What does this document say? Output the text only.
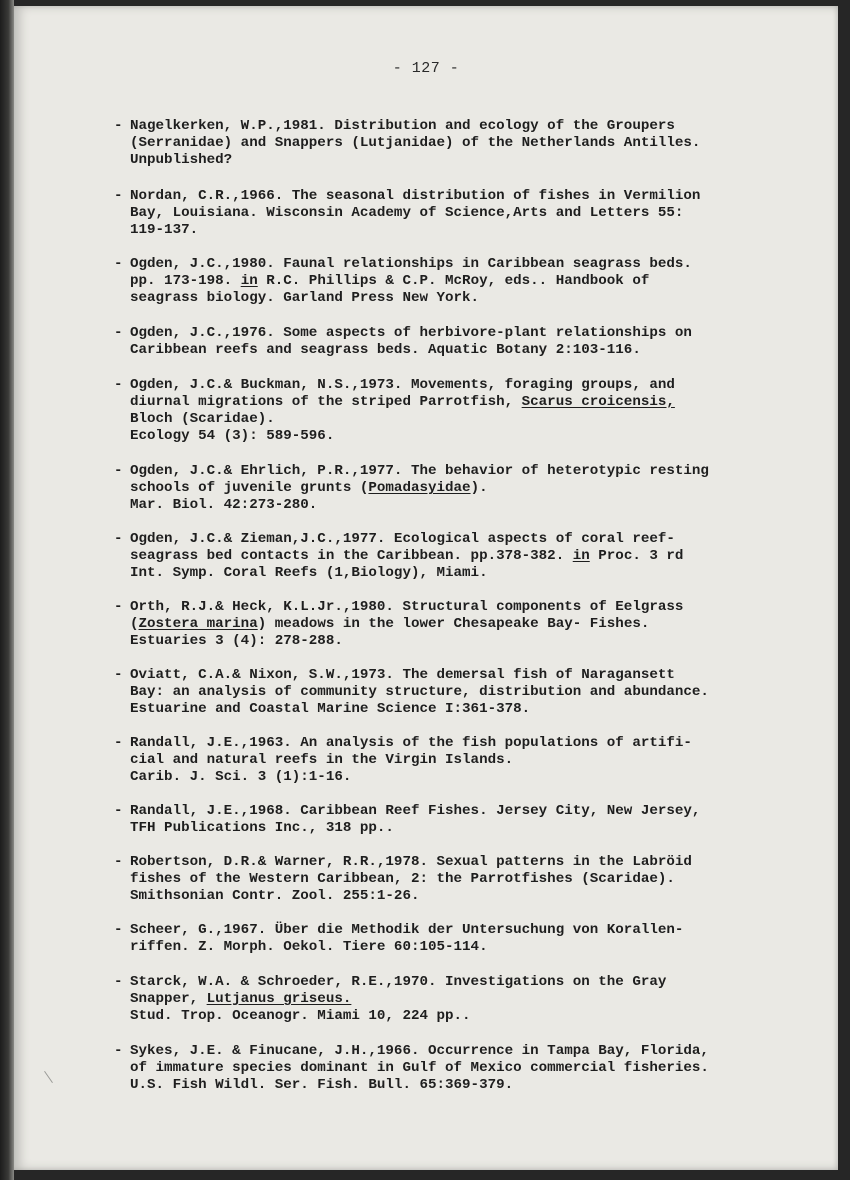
- 127 -
- Nagelkerken, W.P.,1981. Distribution and ecology of the Groupers
(Serranidae) and Snappers (Lutjanidae) of the Netherlands Antilles.
Unpublished?
- Nordan, C.R.,1966. The seasonal distribution of fishes in Vermilion
Bay, Louisiana. Wisconsin Academy of Science,Arts and Letters 55:
119-137.
- Ogden, J.C.,1980. Faunal relationships in Caribbean seagrass beds.
pp. 173-198. in R.C. Phillips & C.P. McRoy, eds.. Handbook of
seagrass biology. Garland Press New York.
- Ogden, J.C.,1976. Some aspects of herbivore-plant relationships on
Caribbean reefs and seagrass beds. Aquatic Botany 2:103-116.
- Ogden, J.C.& Buckman, N.S.,1973. Movements, foraging groups, and
diurnal migrations of the striped Parrotfish, Scarus croicensis,
Bloch (Scaridae).
Ecology 54 (3): 589-596.
- Ogden, J.C.& Ehrlich, P.R.,1977. The behavior of heterotypic resting
schools of juvenile grunts (Pomadasyidae).
Mar. Biol. 42:273-280.
- Ogden, J.C.& Zieman,J.C.,1977. Ecological aspects of coral reef-
seagrass bed contacts in the Caribbean. pp.378-382. in Proc. 3 rd
Int. Symp. Coral Reefs (1,Biology), Miami.
- Orth, R.J.& Heck, K.L.Jr.,1980. Structural components of Eelgrass
(Zostera marina) meadows in the lower Chesapeake Bay- Fishes.
Estuaries 3 (4): 278-288.
- Oviatt, C.A.& Nixon, S.W.,1973. The demersal fish of Naragansett
Bay: an analysis of community structure, distribution and abundance.
Estuarine and Coastal Marine Science I:361-378.
- Randall, J.E.,1963. An analysis of the fish populations of artifi-
cial and natural reefs in the Virgin Islands.
Carib. J. Sci. 3 (1):1-16.
- Randall, J.E.,1968. Caribbean Reef Fishes. Jersey City, New Jersey,
TFH Publications Inc., 318 pp..
- Robertson, D.R.& Warner, R.R.,1978. Sexual patterns in the Labröid
fishes of the Western Caribbean, 2: the Parrotfishes (Scaridae).
Smithsonian Contr. Zool. 255:1-26.
- Scheer, G.,1967. Über die Methodik der Untersuchung von Korallen-
riffen. Z. Morph. Oekol. Tiere 60:105-114.
- Starck, W.A. & Schroeder, R.E.,1970. Investigations on the Gray
Snapper, Lutjanus griseus.
Stud. Trop. Oceanogr. Miami 10, 224 pp..
- Sykes, J.E. & Finucane, J.H.,1966. Occurrence in Tampa Bay, Florida,
of immature species dominant in Gulf of Mexico commercial fisheries.
U.S. Fish Wildl. Ser. Fish. Bull. 65:369-379.
